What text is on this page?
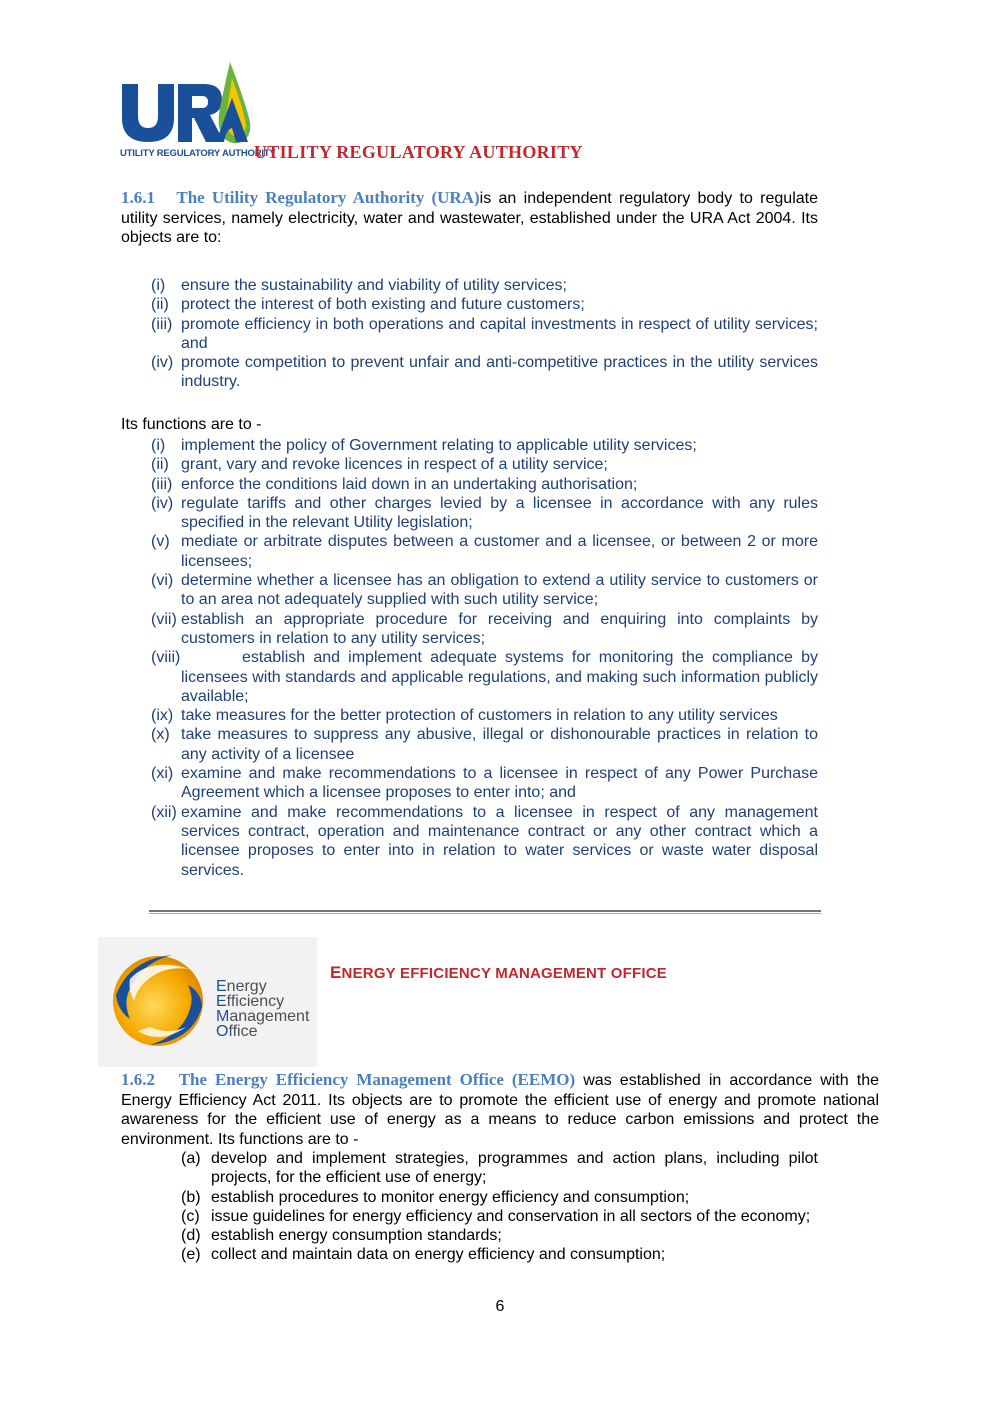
UTILITY REGULATORY AUTHORITY
UTILITY REGULATORY AUTHORITY
1.6.1   The Utility Regulatory Authority (URA)is an independent regulatory body to regulate utility services, namely electricity, water and wastewater, established under the URA Act 2004. Its objects are to:
(i) ensure the sustainability and viability of utility services;
(ii) protect the interest of both existing and future customers;
(iii) promote efficiency in both operations and capital investments in respect of utility services; and
(iv) promote competition to prevent unfair and anti-competitive practices in the utility services industry.
Its functions are to -
(i) implement the policy of Government relating to applicable utility services;
(ii) grant, vary and revoke licences in respect of a utility service;
(iii) enforce the conditions laid down in an undertaking authorisation;
(iv) regulate tariffs and other charges levied by a licensee in accordance with any rules specified in the relevant Utility legislation;
(v) mediate or arbitrate disputes between a customer and a licensee, or between 2 or more licensees;
(vi) determine whether a licensee has an obligation to extend a utility service to customers or to an area not adequately supplied with such utility service;
(vii) establish an appropriate procedure for receiving and enquiring into complaints by customers in relation to any utility services;
(viii)	establish and implement adequate systems for monitoring the compliance by licensees with standards and applicable regulations, and making such information publicly available;
(ix) take measures for the better protection of customers in relation to any utility services
(x) take measures to suppress any abusive, illegal or dishonourable practices in relation to any activity of a licensee
(xi) examine and make recommendations to a licensee in respect of any Power Purchase Agreement which a licensee proposes to enter into; and
(xii) examine and make recommendations to a licensee in respect of any management services contract, operation and maintenance contract or any other contract which a licensee proposes to enter into in relation to water services or waste water disposal services.
Energy
Efficiency
Management
Office
ENERGY EFFICIENCY MANAGEMENT OFFICE
1.6.2   The Energy Efficiency Management Office (EEMO) was established in accordance with the Energy Efficiency Act 2011. Its objects are to promote the efficient use of energy and promote national awareness for the efficient use of energy as a means to reduce carbon emissions and protect the environment. Its functions are to -
(a) develop and implement strategies, programmes and action plans, including pilot projects, for the efficient use of energy;
(b) establish procedures to monitor energy efficiency and consumption;
(c) issue guidelines for energy efficiency and conservation in all sectors of the economy;
(d) establish energy consumption standards;
(e) collect and maintain data on energy efficiency and consumption;
6
